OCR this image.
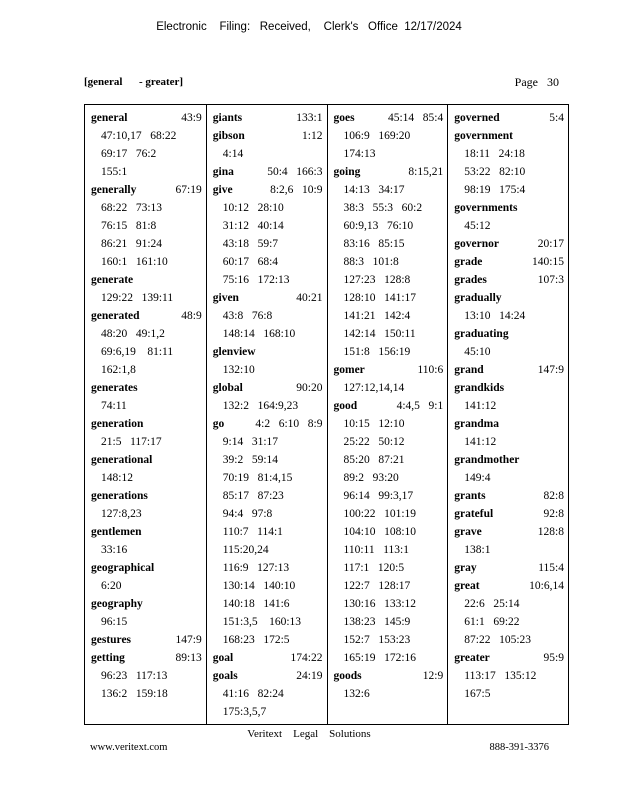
Electronic    Filing:   Received,    Clerk's   Office  12/17/2024
[general      - greater]	Page   30
general	43:9
47:10,17   68:22
69:17   76:2
155:1
generally	67:19
68:22   73:13
76:15   81:8
86:21   91:24
160:1   161:10
generate
129:22   139:11
generated	48:9
48:20   49:1,2
69:6,19    81:11
162:1,8
generates
74:11
generation
21:5   117:17
generational
148:12
generations
127:8,23
gentlemen
33:16
geographical
6:20
geography
96:15
gestures	147:9
getting	89:13
96:23   117:13
136:2   159:18
giants	133:1
gibson	1:12
4:14
gina	50:4   166:3
give	8:2,6   10:9
10:12   28:10
31:12   40:14
43:18   59:7
60:17   68:4
75:16   172:13
given	40:21
43:8   76:8
148:14   168:10
glenview
132:10
global	90:20
132:2   164:9,23
go	4:2   6:10   8:9
9:14   31:17
39:2   59:14
70:19   81:4,15
85:17   87:23
94:4   97:8
110:7   114:1
115:20,24
116:9   127:13
130:14   140:10
140:18   141:6
151:3,5    160:13
168:23   172:5
goal	174:22
goals	24:19
41:16   82:24
175:3,5,7
goes	45:14   85:4
106:9   169:20
174:13
going	8:15,21
14:13   34:17
38:3   55:3   60:2
60:9,13   76:10
83:16   85:15
88:3   101:8
127:23   128:8
128:10   141:17
141:21   142:4
142:14   150:11
151:8   156:19
gomer	110:6
127:12,14,14
good	4:4,5   9:1
10:15   12:10
25:22   50:12
85:20   87:21
89:2   93:20
96:14   99:3,17
100:22   101:19
104:10   108:10
110:11   113:1
117:1   120:5
122:7   128:17
130:16   133:12
138:23   145:9
152:7   153:23
165:19   172:16
goods	12:9
132:6
governed	5:4
government
18:11   24:18
53:22   82:10
98:19   175:4
governments
45:12
governor	20:17
grade	140:15
grades	107:3
gradually
13:10   14:24
graduating
45:10
grand	147:9
grandkids
141:12
grandma
141:12
grandmother
149:4
grants	82:8
grateful	92:8
grave	128:8
138:1
gray	115:4
great	10:6,14
22:6   25:14
61:1   69:22
87:22   105:23
greater	95:9
113:17   135:12
167:5
Veritext    Legal    Solutions
www.veritext.com	888-391-3376
